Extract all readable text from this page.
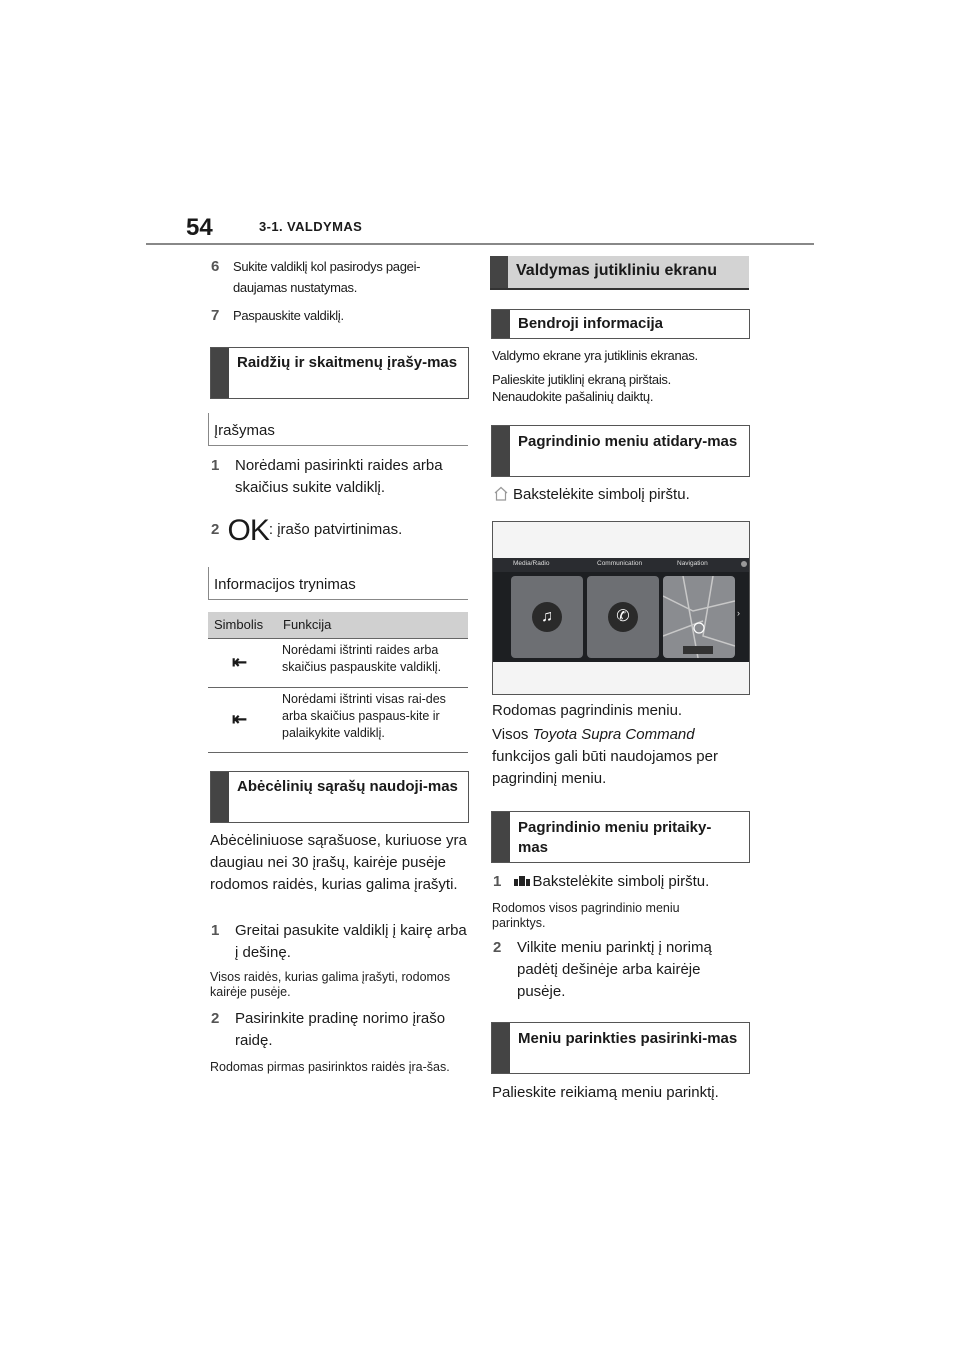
54	3-1. VALDYMAS
6 Sukite valdiklį kol pasirodys pagei-daujamas nustatymas.
7 Paspauskite valdiklį.
Raidžių ir skaitmenų įrašy-mas
Įrašymas
1 Norėdami pasirinkti raides arba skaičius sukite valdiklį.
2 OK: įrašo patvirtinimas.
Informacijos trynimas
Simbolis Funkcija
⇤
Norėdami ištrinti raides arba skaičius paspauskite valdiklį.
⇤
Norėdami ištrinti visas rai-des arba skaičius paspaus-kite ir palaikykite valdiklį.
Abėcėlinių sąrašų naudoji-mas
Abėcėliniuose sąrašuose, kuriuose yra daugiau nei 30 įrašų, kairėje pusėje rodomos raidės, kurias galima įrašyti.
1 Greitai pasukite valdiklį į kairę arba į dešinę.
Visos raidės, kurias galima įrašyti, rodomos kairėje pusėje.
2 Pasirinkite pradinę norimo įrašo raidę.
Rodomas pirmas pasirinktos raidės įra-šas.
Valdymas jutikliniu ekranu
Bendroji informacija
Valdymo ekrane yra jutiklinis ekranas.
Palieskite jutiklinį ekraną pirštais. Nenaudokite pašalinių daiktų.
Pagrindinio meniu atidary-mas
Bakstelėkite simbolį pirštu.
Media/Radio	Communication	Navigation
♫	✆	›
Rodomas pagrindinis meniu.
Visos Toyota Supra Command funkcijos gali būti naudojamos per pagrindinį meniu.
Pagrindinio meniu pritaiky-mas
1 Bakstelėkite simbolį pirštu.
Rodomos visos pagrindinio meniu parinktys.
2 Vilkite meniu parinktį į norimą padėtį dešinėje arba kairėje pusėje.
Meniu parinkties pasirinki-mas
Palieskite reikiamą meniu parinktį.
